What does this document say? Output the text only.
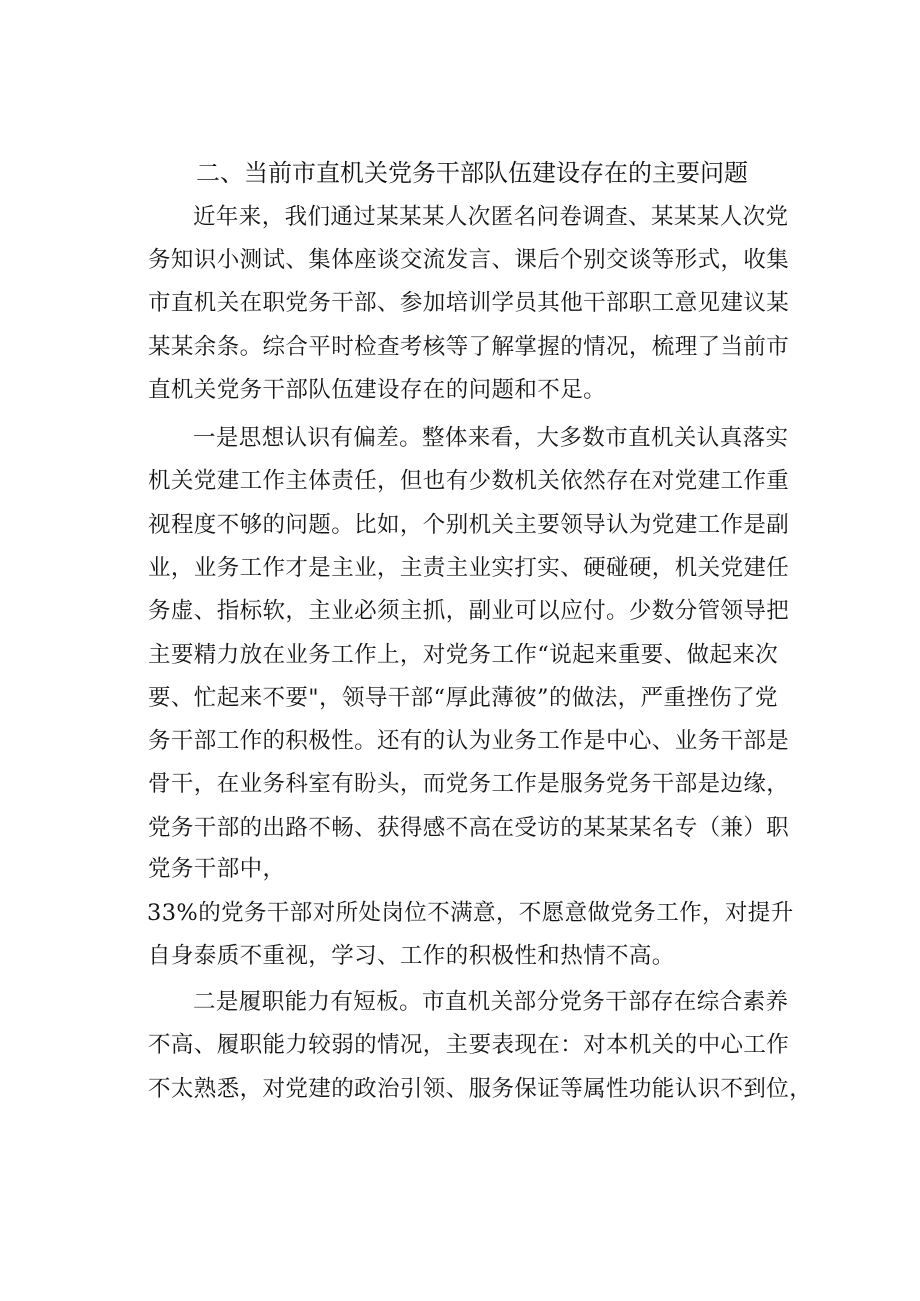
二、当前市直机关党务干部队伍建设存在的主要问题
近年来，我们通过某某某人次匿名问卷调查、某某某人次党
务知识小测试、集体座谈交流发言、课后个别交谈等形式，收集
市直机关在职党务干部、参加培训学员其他干部职工意见建议某
某某余条。综合平时检查考核等了解掌握的情况，梳理了当前市
直机关党务干部队伍建设存在的问题和不足。
一是思想认识有偏差。整体来看，大多数市直机关认真落实
机关党建工作主体责任，但也有少数机关依然存在对党建工作重
视程度不够的问题。比如，个别机关主要领导认为党建工作是副
业，业务工作才是主业，主责主业实打实、硬碰硬，机关党建任
务虚、指标软，主业必须主抓，副业可以应付。少数分管领导把
主要精力放在业务工作上，对党务工作“说起来重要、做起来次
要、忙起来不要"，领导干部“厚此薄彼”的做法，严重挫伤了党
务干部工作的积极性。还有的认为业务工作是中心、业务干部是
骨干，在业务科室有盼头，而党务工作是服务党务干部是边缘，
党务干部的出路不畅、获得感不高在受访的某某某名专（兼）职
党务干部中，
33%的党务干部对所处岗位不满意，不愿意做党务工作，对提升
自身泰质不重视，学习、工作的积极性和热情不高。
二是履职能力有短板。市直机关部分党务干部存在综合素养
不高、履职能力较弱的情况，主要表现在：对本机关的中心工作
不太熟悉，对党建的政治引领、服务保证等属性功能认识不到位，
